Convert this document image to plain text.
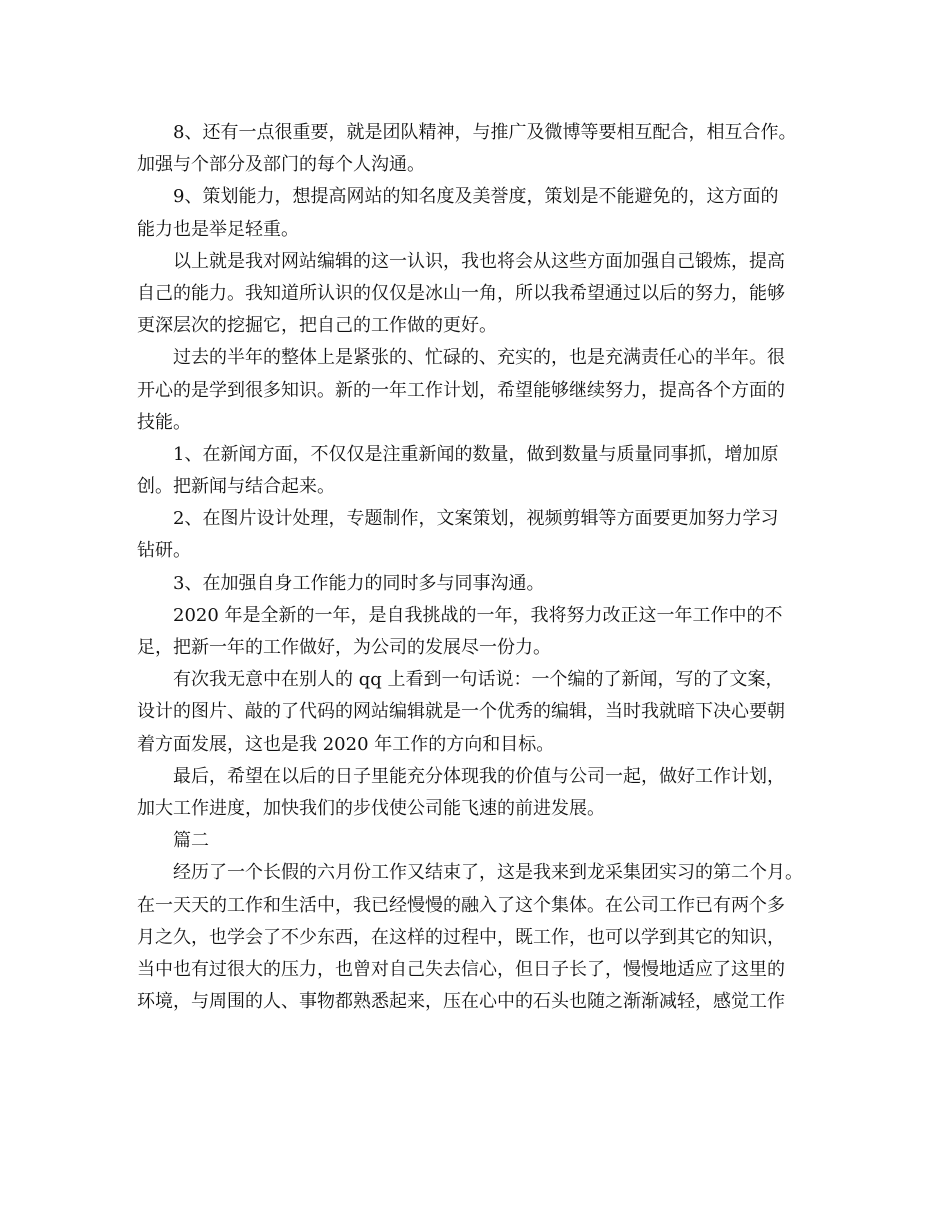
8、还有一点很重要，就是团队精神，与推广及微博等要相互配合，相互合作。
加强与个部分及部门的每个人沟通。
9、策划能力，想提高网站的知名度及美誉度，策划是不能避免的，这方面的
能力也是举足轻重。
以上就是我对网站编辑的这一认识，我也将会从这些方面加强自己锻炼，提高
自己的能力。我知道所认识的仅仅是冰山一角，所以我希望通过以后的努力，能够
更深层次的挖掘它，把自己的工作做的更好。
过去的半年的整体上是紧张的、忙碌的、充实的，也是充满责任心的半年。很
开心的是学到很多知识。新的一年工作计划，希望能够继续努力，提高各个方面的
技能。
1、在新闻方面，不仅仅是注重新闻的数量，做到数量与质量同事抓，增加原
创。把新闻与结合起来。
2、在图片设计处理，专题制作，文案策划，视频剪辑等方面要更加努力学习
钻研。
3、在加强自身工作能力的同时多与同事沟通。
2020 年是全新的一年，是自我挑战的一年，我将努力改正这一年工作中的不
足，把新一年的工作做好，为公司的发展尽一份力。
有次我无意中在别人的 qq 上看到一句话说：一个编的了新闻，写的了文案，
设计的图片、敲的了代码的网站编辑就是一个优秀的编辑，当时我就暗下决心要朝
着方面发展，这也是我 2020 年工作的方向和目标。
最后，希望在以后的日子里能充分体现我的价值与公司一起，做好工作计划，
加大工作进度，加快我们的步伐使公司能飞速的前进发展。
篇二
经历了一个长假的六月份工作又结束了，这是我来到龙采集团实习的第二个月。
在一天天的工作和生活中，我已经慢慢的融入了这个集体。在公司工作已有两个多
月之久，也学会了不少东西，在这样的过程中，既工作，也可以学到其它的知识，
当中也有过很大的压力，也曾对自己失去信心，但日子长了，慢慢地适应了这里的
环境，与周围的人、事物都熟悉起来，压在心中的石头也随之渐渐减轻，感觉工作
